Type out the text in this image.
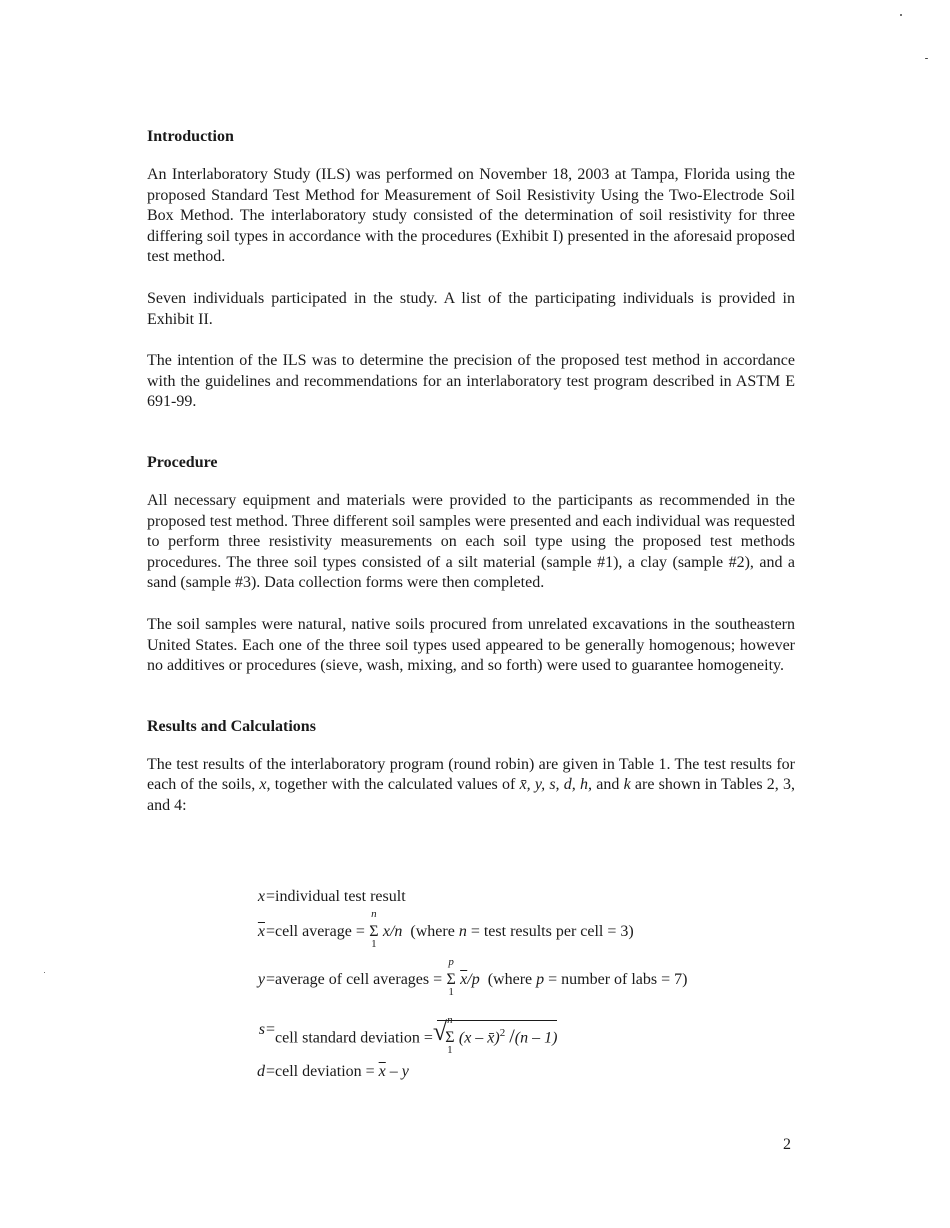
Introduction

An Interlaboratory Study (ILS) was performed on November 18, 2003 at Tampa, Florida using the proposed Standard Test Method for Measurement of Soil Resistivity Using the Two-Electrode Soil Box Method. The interlaboratory study consisted of the determination of soil resistivity for three differing soil types in accordance with the procedures (Exhibit I) presented in the aforesaid proposed test method.

Seven individuals participated in the study. A list of the participating individuals is provided in Exhibit II.

The intention of the ILS was to determine the precision of the proposed test method in accordance with the guidelines and recommendations for an interlaboratory test program described in ASTM E 691-99.

Procedure

All necessary equipment and materials were provided to the participants as recommended in the proposed test method. Three different soil samples were presented and each individual was requested to perform three resistivity measurements on each soil type using the proposed test methods procedures. The three soil types consisted of a silt material (sample #1), a clay (sample #2), and a sand (sample #3). Data collection forms were then completed.

The soil samples were natural, native soils procured from unrelated excavations in the southeastern United States. Each one of the three soil types used appeared to be generally homogenous; however no additives or procedures (sieve, wash, mixing, and so forth) were used to guarantee homogeneity.

Results and Calculations

The test results of the interlaboratory program (round robin) are given in Table 1. The test results for each of the soils, x, together with the calculated values of x̄, y, s, d, h, and k are shown in Tables 2, 3, and 4:

x = individual test result
$\overline{x}$ = cell average = Σ
n
1
x/n (where n = test results per cell = 3)
y = average of cell averages = Σ
p
1
$\overline{x}/p$ (where p = number of labs = 7)
s = cell standard deviation =
√
Σ
n
1
(x – x̄)$^2$ /(n – 1)
d = cell deviation = $\overline{x}$ – y
2
